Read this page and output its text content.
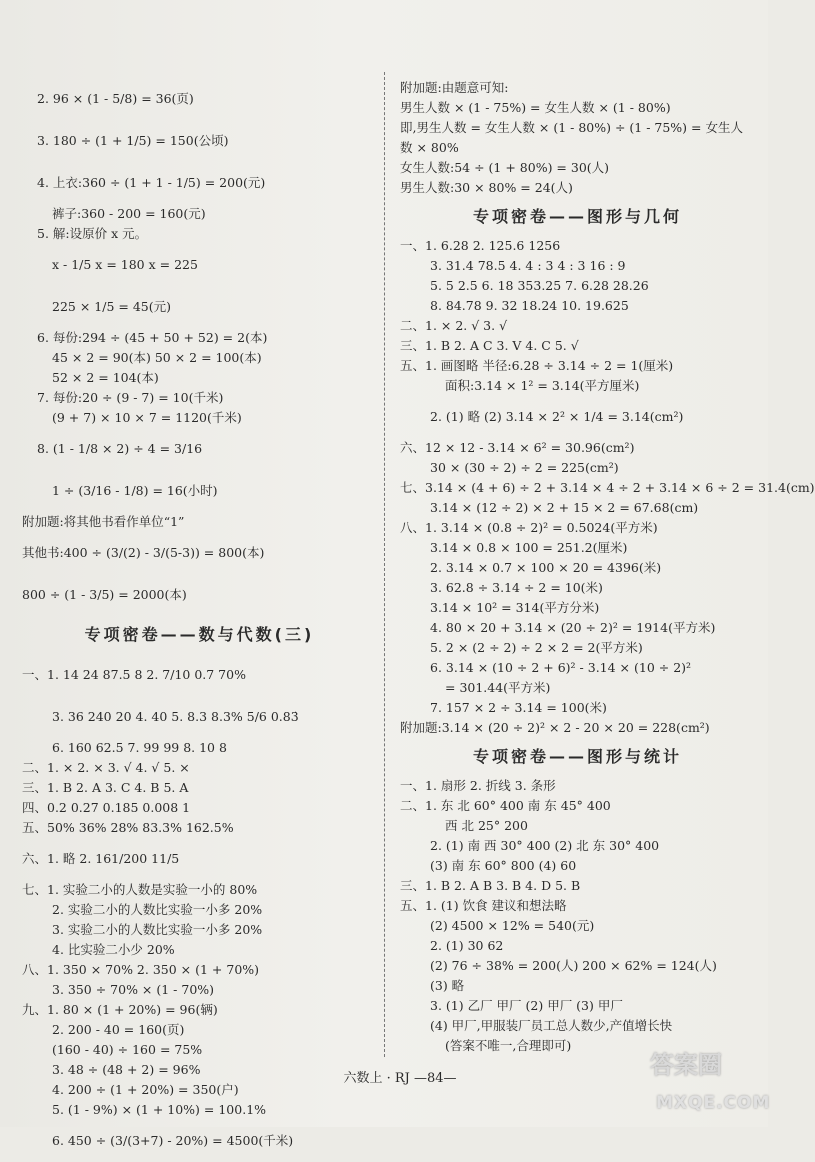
2. 96 × (1 - 5/8) = 36(页)
3. 180 ÷ (1 + 1/5) = 150(公顷)
4. 上衣:360 ÷ (1 + 1 - 1/5) = 200(元)
裤子:360 - 200 = 160(元)
5. 解:设原价 x 元。
x - 1/5 x = 180 x = 225
225 × 1/5 = 45(元)
6. 每份:294 ÷ (45 + 50 + 52) = 2(本)
45 × 2 = 90(本) 50 × 2 = 100(本)
52 × 2 = 104(本)
7. 每份:20 ÷ (9 - 7) = 10(千米)
(9 + 7) × 10 × 7 = 1120(千米)
8. (1 - 1/8 × 2) ÷ 4 = 3/16
1 ÷ (3/16 - 1/8) = 16(小时)
附加题:将其他书看作单位“1”
其他书:400 ÷ (3/(2) - 3/(5-3)) = 800(本)
800 ÷ (1 - 3/5) = 2000(本)
专项密卷——数与代数(三)
一、1. 14 24 87.5 8 2. 7/10 0.7 70%
3. 36 240 20 4. 40 5. 8.3 8.3% 5/6 0.83̇
6. 160 62.5 7. 99 99 8. 10 8
二、1. × 2. × 3. √ 4. √ 5. ×
三、1. B 2. A 3. C 4. B 5. A
四、0.2 0.27 0.185 0.008 1
五、50% 36% 28% 83.3% 162.5%
六、1. 略 2. 161/200 11/5
七、1. 实验二小的人数是实验一小的 80%
2. 实验二小的人数比实验一小多 20%
3. 实验二小的人数比实验一小多 20%
4. 比实验二小少 20%
八、1. 350 × 70% 2. 350 × (1 + 70%)
3. 350 ÷ 70% × (1 - 70%)
九、1. 80 × (1 + 20%) = 96(辆)
2. 200 - 40 = 160(页)
(160 - 40) ÷ 160 = 75%
3. 48 ÷ (48 + 2) = 96%
4. 200 ÷ (1 + 20%) = 350(户)
5. (1 - 9%) × (1 + 10%) = 100.1%
6. 450 ÷ (3/(3+7) - 20%) = 4500(千米)
附加题:由题意可知:
男生人数 × (1 - 75%) = 女生人数 × (1 - 80%)
即,男生人数 = 女生人数 × (1 - 80%) ÷ (1 - 75%) = 女生人
数 × 80%
女生人数:54 ÷ (1 + 80%) = 30(人)
男生人数:30 × 80% = 24(人)
专项密卷——图形与几何
一、1. 6.28 2. 125.6 1256
3. 31.4 78.5 4. 4 : 3 4 : 3 16 : 9
5. 5 2.5 6. 18 353.25 7. 6.28 28.26
8. 84.78 9. 32 18.24 10. 19.625
二、1. × 2. √ 3. √
三、1. B 2. A C 3. V 4. C 5. √
五、1. 画图略 半径:6.28 ÷ 3.14 ÷ 2 = 1(厘米)
面积:3.14 × 1² = 3.14(平方厘米)
2. (1) 略 (2) 3.14 × 2² × 1/4 = 3.14(cm²)
六、12 × 12 - 3.14 × 6² = 30.96(cm²)
30 × (30 ÷ 2) ÷ 2 = 225(cm²)
七、3.14 × (4 + 6) ÷ 2 + 3.14 × 4 ÷ 2 + 3.14 × 6 ÷ 2 = 31.4(cm)
3.14 × (12 ÷ 2) × 2 + 15 × 2 = 67.68(cm)
八、1. 3.14 × (0.8 ÷ 2)² = 0.5024(平方米)
3.14 × 0.8 × 100 = 251.2(厘米)
2. 3.14 × 0.7 × 100 × 20 = 4396(米)
3. 62.8 ÷ 3.14 ÷ 2 = 10(米)
3.14 × 10² = 314(平方分米)
4. 80 × 20 + 3.14 × (20 ÷ 2)² = 1914(平方米)
5. 2 × (2 ÷ 2) ÷ 2 × 2 = 2(平方米)
6. 3.14 × (10 ÷ 2 + 6)² - 3.14 × (10 ÷ 2)²
= 301.44(平方米)
7. 157 × 2 ÷ 3.14 = 100(米)
附加题:3.14 × (20 ÷ 2)² × 2 - 20 × 20 = 228(cm²)
专项密卷——图形与统计
一、1. 扇形 2. 折线 3. 条形
二、1. 东 北 60° 400 南 东 45° 400
西 北 25° 200
2. (1) 南 西 30° 400 (2) 北 东 30° 400
(3) 南 东 60° 800 (4) 60
三、1. B 2. A B 3. B 4. D 5. B
五、1. (1) 饮食 建议和想法略
(2) 4500 × 12% = 540(元)
2. (1) 30 62
(2) 76 ÷ 38% = 200(人) 200 × 62% = 124(人)
(3) 略
3. (1) 乙厂 甲厂 (2) 甲厂 (3) 甲厂
(4) 甲厂,甲服装厂员工总人数少,产值增长快
(答案不唯一,合理即可)
六数上 · RJ —84—	答案圈
MXQE.COM
